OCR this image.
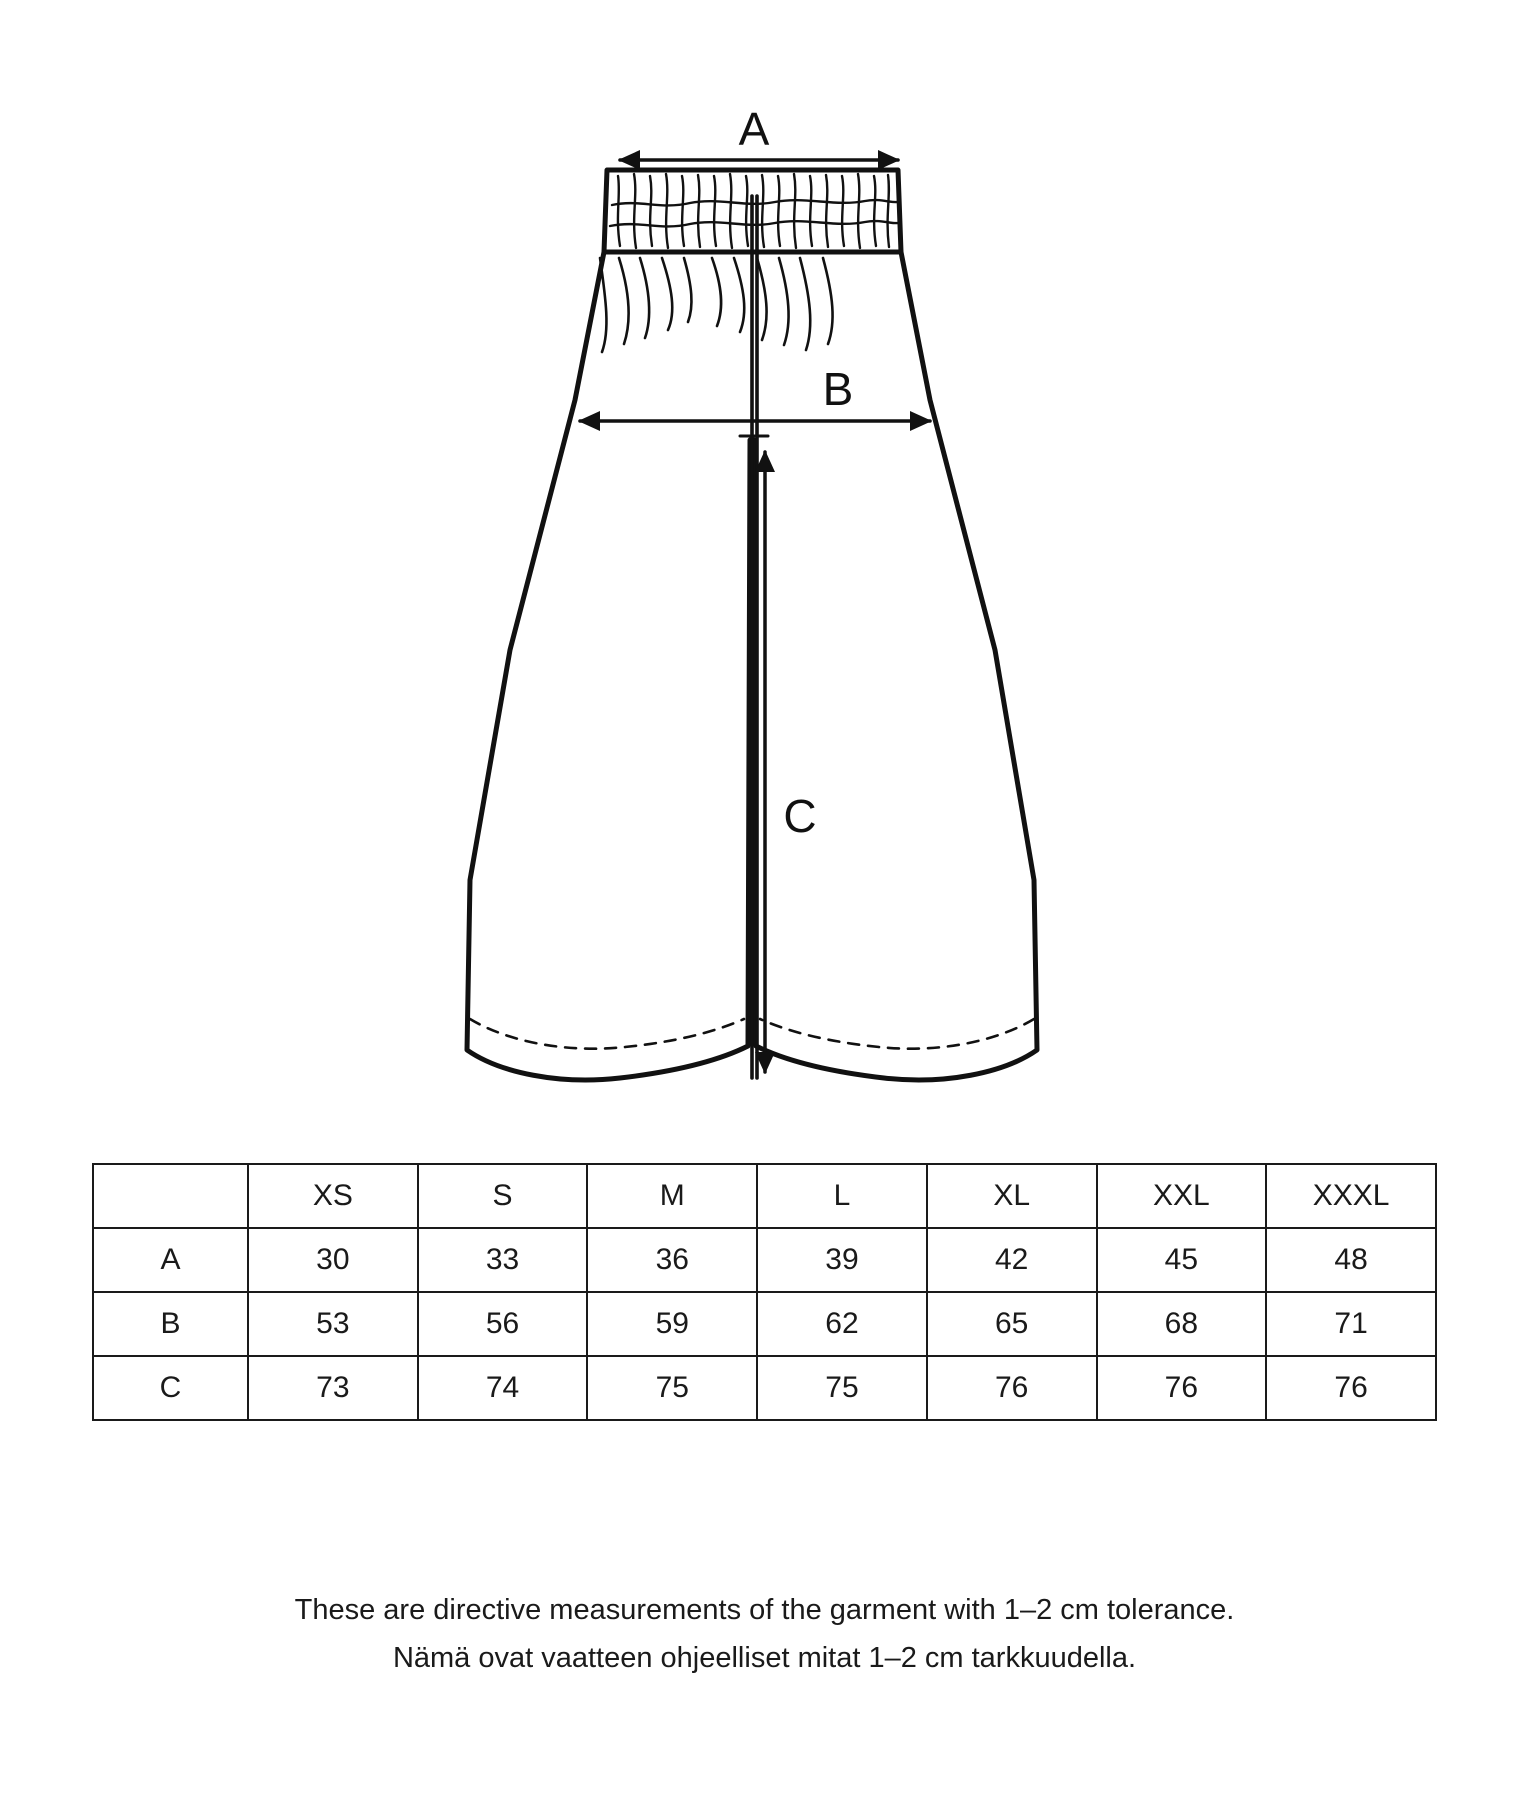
A
B
C
	XS	S	M	L	XL	XXL	XXXL
A	30	33	36	39	42	45	48
B	53	56	59	62	65	68	71
C	73	74	75	75	76	76	76

These are directive measurements of the garment with 1–2 cm tolerance.

Nämä ovat vaatteen ohjeelliset mitat 1–2 cm tarkkuudella.
